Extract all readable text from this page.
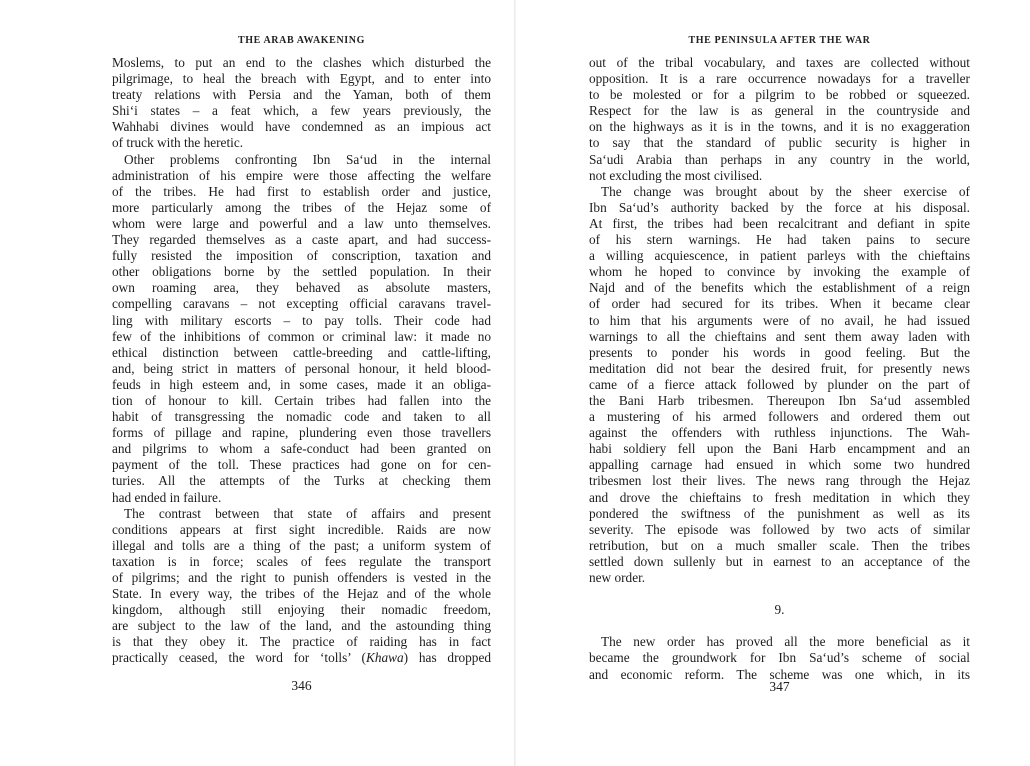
THE ARAB AWAKENING
Moslems, to put an end to the clashes which disturbed the
pilgrimage, to heal the breach with Egypt, and to enter into
treaty relations with Persia and the Yaman, both of them
Shi‘i states – a feat which, a few years previously, the
Wahhabi divines would have condemned as an impious act
of truck with the heretic.
Other problems confronting Ibn Sa‘ud in the internal
administration of his empire were those affecting the welfare
of the tribes. He had first to establish order and justice,
more particularly among the tribes of the Hejaz some of
whom were large and powerful and a law unto themselves.
They regarded themselves as a caste apart, and had success-
fully resisted the imposition of conscription, taxation and
other obligations borne by the settled population. In their
own roaming area, they behaved as absolute masters,
compelling caravans – not excepting official caravans travel-
ling with military escorts – to pay tolls. Their code had
few of the inhibitions of common or criminal law: it made no
ethical distinction between cattle-breeding and cattle-lifting,
and, being strict in matters of personal honour, it held blood-
feuds in high esteem and, in some cases, made it an obliga-
tion of honour to kill. Certain tribes had fallen into the
habit of transgressing the nomadic code and taken to all
forms of pillage and rapine, plundering even those travellers
and pilgrims to whom a safe-conduct had been granted on
payment of the toll. These practices had gone on for cen-
turies. All the attempts of the Turks at checking them
had ended in failure.
The contrast between that state of affairs and present
conditions appears at first sight incredible. Raids are now
illegal and tolls are a thing of the past; a uniform system of
taxation is in force; scales of fees regulate the transport
of pilgrims; and the right to punish offenders is vested in the
State. In every way, the tribes of the Hejaz and of the whole
kingdom, although still enjoying their nomadic freedom,
are subject to the law of the land, and the astounding thing
is that they obey it. The practice of raiding has in fact
practically ceased, the word for ‘tolls’ (Khawa) has dropped
346
THE PENINSULA AFTER THE WAR
out of the tribal vocabulary, and taxes are collected without
opposition. It is a rare occurrence nowadays for a traveller
to be molested or for a pilgrim to be robbed or squeezed.
Respect for the law is as general in the countryside and
on the highways as it is in the towns, and it is no exaggeration
to say that the standard of public security is higher in
Sa‘udi Arabia than perhaps in any country in the world,
not excluding the most civilised.
The change was brought about by the sheer exercise of
Ibn Sa‘ud’s authority backed by the force at his disposal.
At first, the tribes had been recalcitrant and defiant in spite
of his stern warnings. He had taken pains to secure
a willing acquiescence, in patient parleys with the chieftains
whom he hoped to convince by invoking the example of
Najd and of the benefits which the establishment of a reign
of order had secured for its tribes. When it became clear
to him that his arguments were of no avail, he had issued
warnings to all the chieftains and sent them away laden with
presents to ponder his words in good feeling. But the
meditation did not bear the desired fruit, for presently news
came of a fierce attack followed by plunder on the part of
the Bani Harb tribesmen. Thereupon Ibn Sa‘ud assembled
a mustering of his armed followers and ordered them out
against the offenders with ruthless injunctions. The Wah-
habi soldiery fell upon the Bani Harb encampment and an
appalling carnage had ensued in which some two hundred
tribesmen lost their lives. The news rang through the Hejaz
and drove the chieftains to fresh meditation in which they
pondered the swiftness of the punishment as well as its
severity. The episode was followed by two acts of similar
retribution, but on a much smaller scale. Then the tribes
settled down sullenly but in earnest to an acceptance of the
new order.
9.
The new order has proved all the more beneficial as it
became the groundwork for Ibn Sa‘ud’s scheme of social
and economic reform. The scheme was one which, in its
347
